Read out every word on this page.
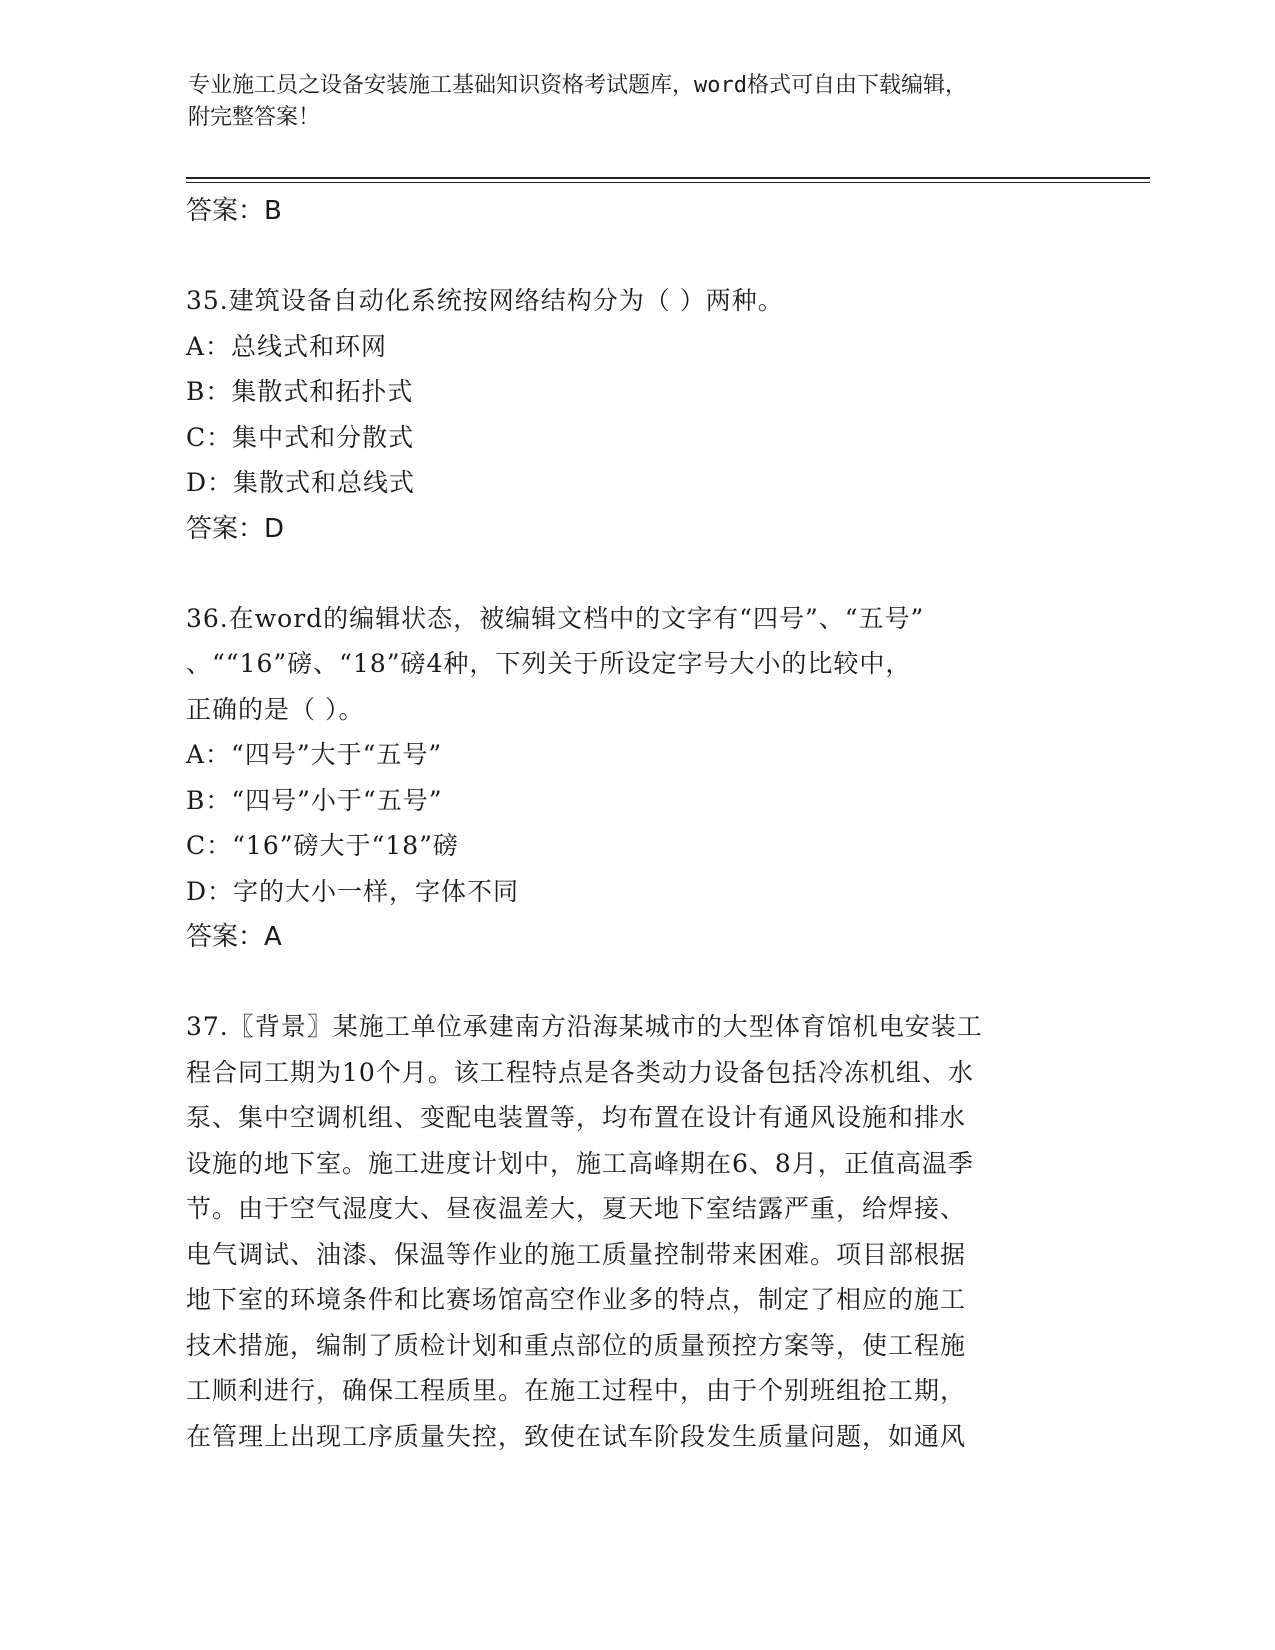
专业施工员之设备安装施工基础知识资格考试题库，word格式可自由下载编辑，
附完整答案！

答案：B

35.建筑设备自动化系统按网络结构分为（ ）两种。

A：总线式和环网

B：集散式和拓扑式

C：集中式和分散式

D：集散式和总线式

答案：D

36.在word的编辑状态，被编辑文档中的文字有“四号”、“五号”

、““16”磅、“18”磅4种，下列关于所设定字号大小的比较中，

正确的是（ ）。

A：“四号”大于“五号”

B：“四号”小于“五号”

C：“16”磅大于“18”磅

D：字的大小一样，字体不同

答案：A

37.〖背景〗某施工单位承建南方沿海某城市的大型体育馆机电安装工

程合同工期为10个月。该工程特点是各类动力设备包括冷冻机组、水

泵、集中空调机组、变配电装置等，均布置在设计有通风设施和排水

设施的地下室。施工进度计划中，施工高峰期在6、8月，正值高温季

节。由于空气湿度大、昼夜温差大，夏天地下室结露严重，给焊接、

电气调试、油漆、保温等作业的施工质量控制带来困难。项目部根据

地下室的环境条件和比赛场馆高空作业多的特点，制定了相应的施工

技术措施，编制了质检计划和重点部位的质量预控方案等，使工程施

工顺利进行，确保工程质里。在施工过程中，由于个别班组抢工期，

在管理上出现工序质量失控，致使在试车阶段发生质量问题，如通风
